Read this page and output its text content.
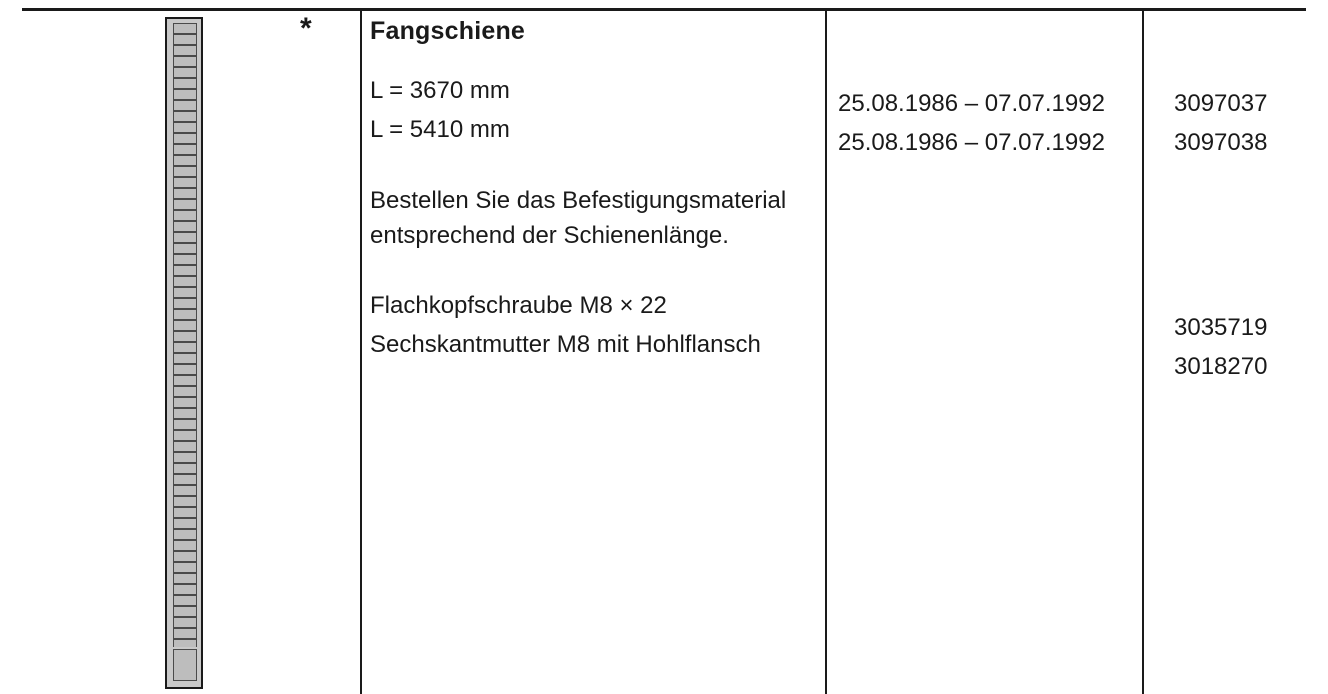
* Fangschiene
L = 3670 mm
L = 5410 mm
Bestellen Sie das Befestigungsmaterial entsprechend der Schienenlänge.
Flachkopfschraube M8 × 22
Sechskantmutter M8 mit Hohlflansch
25.08.1986 – 07.07.1992
25.08.1986 – 07.07.1992
3097037
3097038
3035719
3018270
